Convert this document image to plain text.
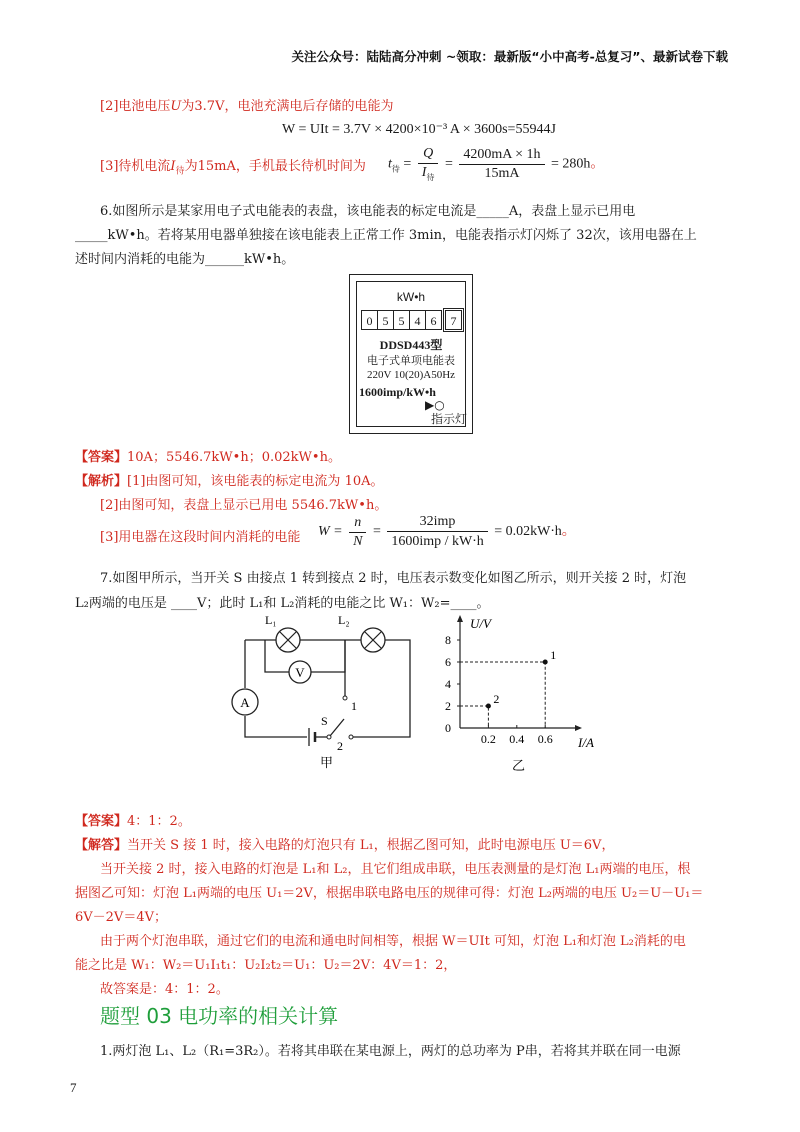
关注公众号：陆陆高分冲刺 ~领取：最新版“小中高考-总复习”、最新试卷下载
[2]电池电压U为3.7V，电池充满电后存储的电能为
W = UIt = 3.7V × 4200×10⁻³ A × 3600s=55944J
[3]待机电流$I_待$为15mA，手机最长待机时间为 $t_待 = \frac{Q}{I_待} = \frac{4200mA \times 1h}{15mA} = 280h$。
6.如图所示是某家用电子式电能表的表盘，该电能表的标定电流是_____A，表盘上显示已用电
_____kW•h。若将某用电器单独接在该电能表上正常工作 3min，电能表指示灯闪烁了 32次，该用电器在上
述时间内消耗的电能为______kW•h。
kW•h
0 5 5 4 6	7
DDSD443型
电子式单项电能表
220V 10(20)A50Hz
1600imp/kW•h
▶○
指示灯
【答案】10A；5546.7kW•h；0.02kW•h。
【解析】[1]由图可知，该电能表的标定电流为 10A。
[2]由图可知，表盘上显示已用电 5546.7kW•h。
[3]用电器在这段时间内消耗的电能 $W = \frac{n}{N} = \frac{\text{32imp}}{\text{1600imp / kW⋅h}} = 0.02kW\cdot h$。
7.如图甲所示，当开关 S 由接点 1 转到接点 2 时，电压表示数变化如图乙所示，则开关接 2 时，灯泡
L₂两端的电压是 ____V；此时 L₁和 L₂消耗的电能之比 W₁：W₂=____。
V
A
L₁	L₂
S
1
2
甲
U/V
I/A
0
2
4
6
8
0.2 0.4 0.6
1
2
乙
【答案】4：1：2。
【解答】当开关 S 接 1 时，接入电路的灯泡只有 L₁，根据乙图可知，此时电源电压 U＝6V，
当开关接 2 时，接入电路的灯泡是 L₁和 L₂，且它们组成串联，电压表测量的是灯泡 L₁两端的电压，根
据图乙可知：灯泡 L₁两端的电压 U₁＝2V，根据串联电路电压的规律可得：灯泡 L₂两端的电压 U₂＝U－U₁＝
6V－2V＝4V；
由于两个灯泡串联，通过它们的电流和通电时间相等，根据 W＝UIt 可知，灯泡 L₁和灯泡 L₂消耗的电
能之比是 W₁：W₂＝U₁I₁t₁：U₂I₂t₂＝U₁：U₂＝2V：4V＝1：2，
故答案是：4：1：2。
题型 03 电功率的相关计算
1.两灯泡 L₁、L₂（R₁=3R₂）。若将其串联在某电源上，两灯的总功率为 P串，若将其并联在同一电源
7
